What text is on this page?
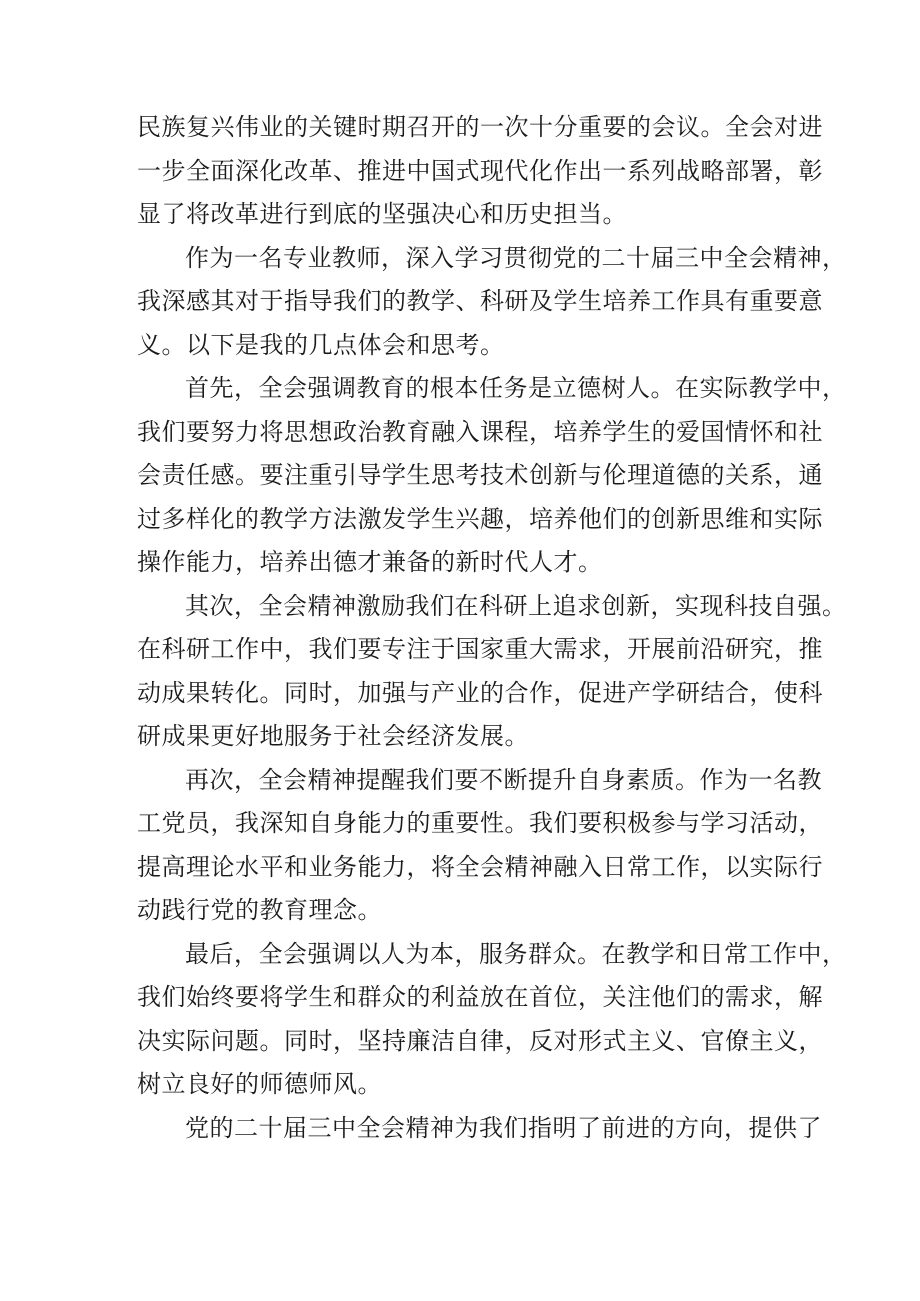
民族复兴伟业的关键时期召开的一次十分重要的会议。全会对进
一步全面深化改革、推进中国式现代化作出一系列战略部署，彰
显了将改革进行到底的坚强决心和历史担当。
作为一名专业教师，深入学习贯彻党的二十届三中全会精神，
我深感其对于指导我们的教学、科研及学生培养工作具有重要意
义。以下是我的几点体会和思考。
首先，全会强调教育的根本任务是立德树人。在实际教学中，
我们要努力将思想政治教育融入课程，培养学生的爱国情怀和社
会责任感。要注重引导学生思考技术创新与伦理道德的关系，通
过多样化的教学方法激发学生兴趣，培养他们的创新思维和实际
操作能力，培养出德才兼备的新时代人才。
其次，全会精神激励我们在科研上追求创新，实现科技自强。
在科研工作中，我们要专注于国家重大需求，开展前沿研究，推
动成果转化。同时，加强与产业的合作，促进产学研结合，使科
研成果更好地服务于社会经济发展。
再次，全会精神提醒我们要不断提升自身素质。作为一名教
工党员，我深知自身能力的重要性。我们要积极参与学习活动，
提高理论水平和业务能力，将全会精神融入日常工作，以实际行
动践行党的教育理念。
最后，全会强调以人为本，服务群众。在教学和日常工作中，
我们始终要将学生和群众的利益放在首位，关注他们的需求，解
决实际问题。同时，坚持廉洁自律，反对形式主义、官僚主义，
树立良好的师德师风。
党的二十届三中全会精神为我们指明了前进的方向，提供了
